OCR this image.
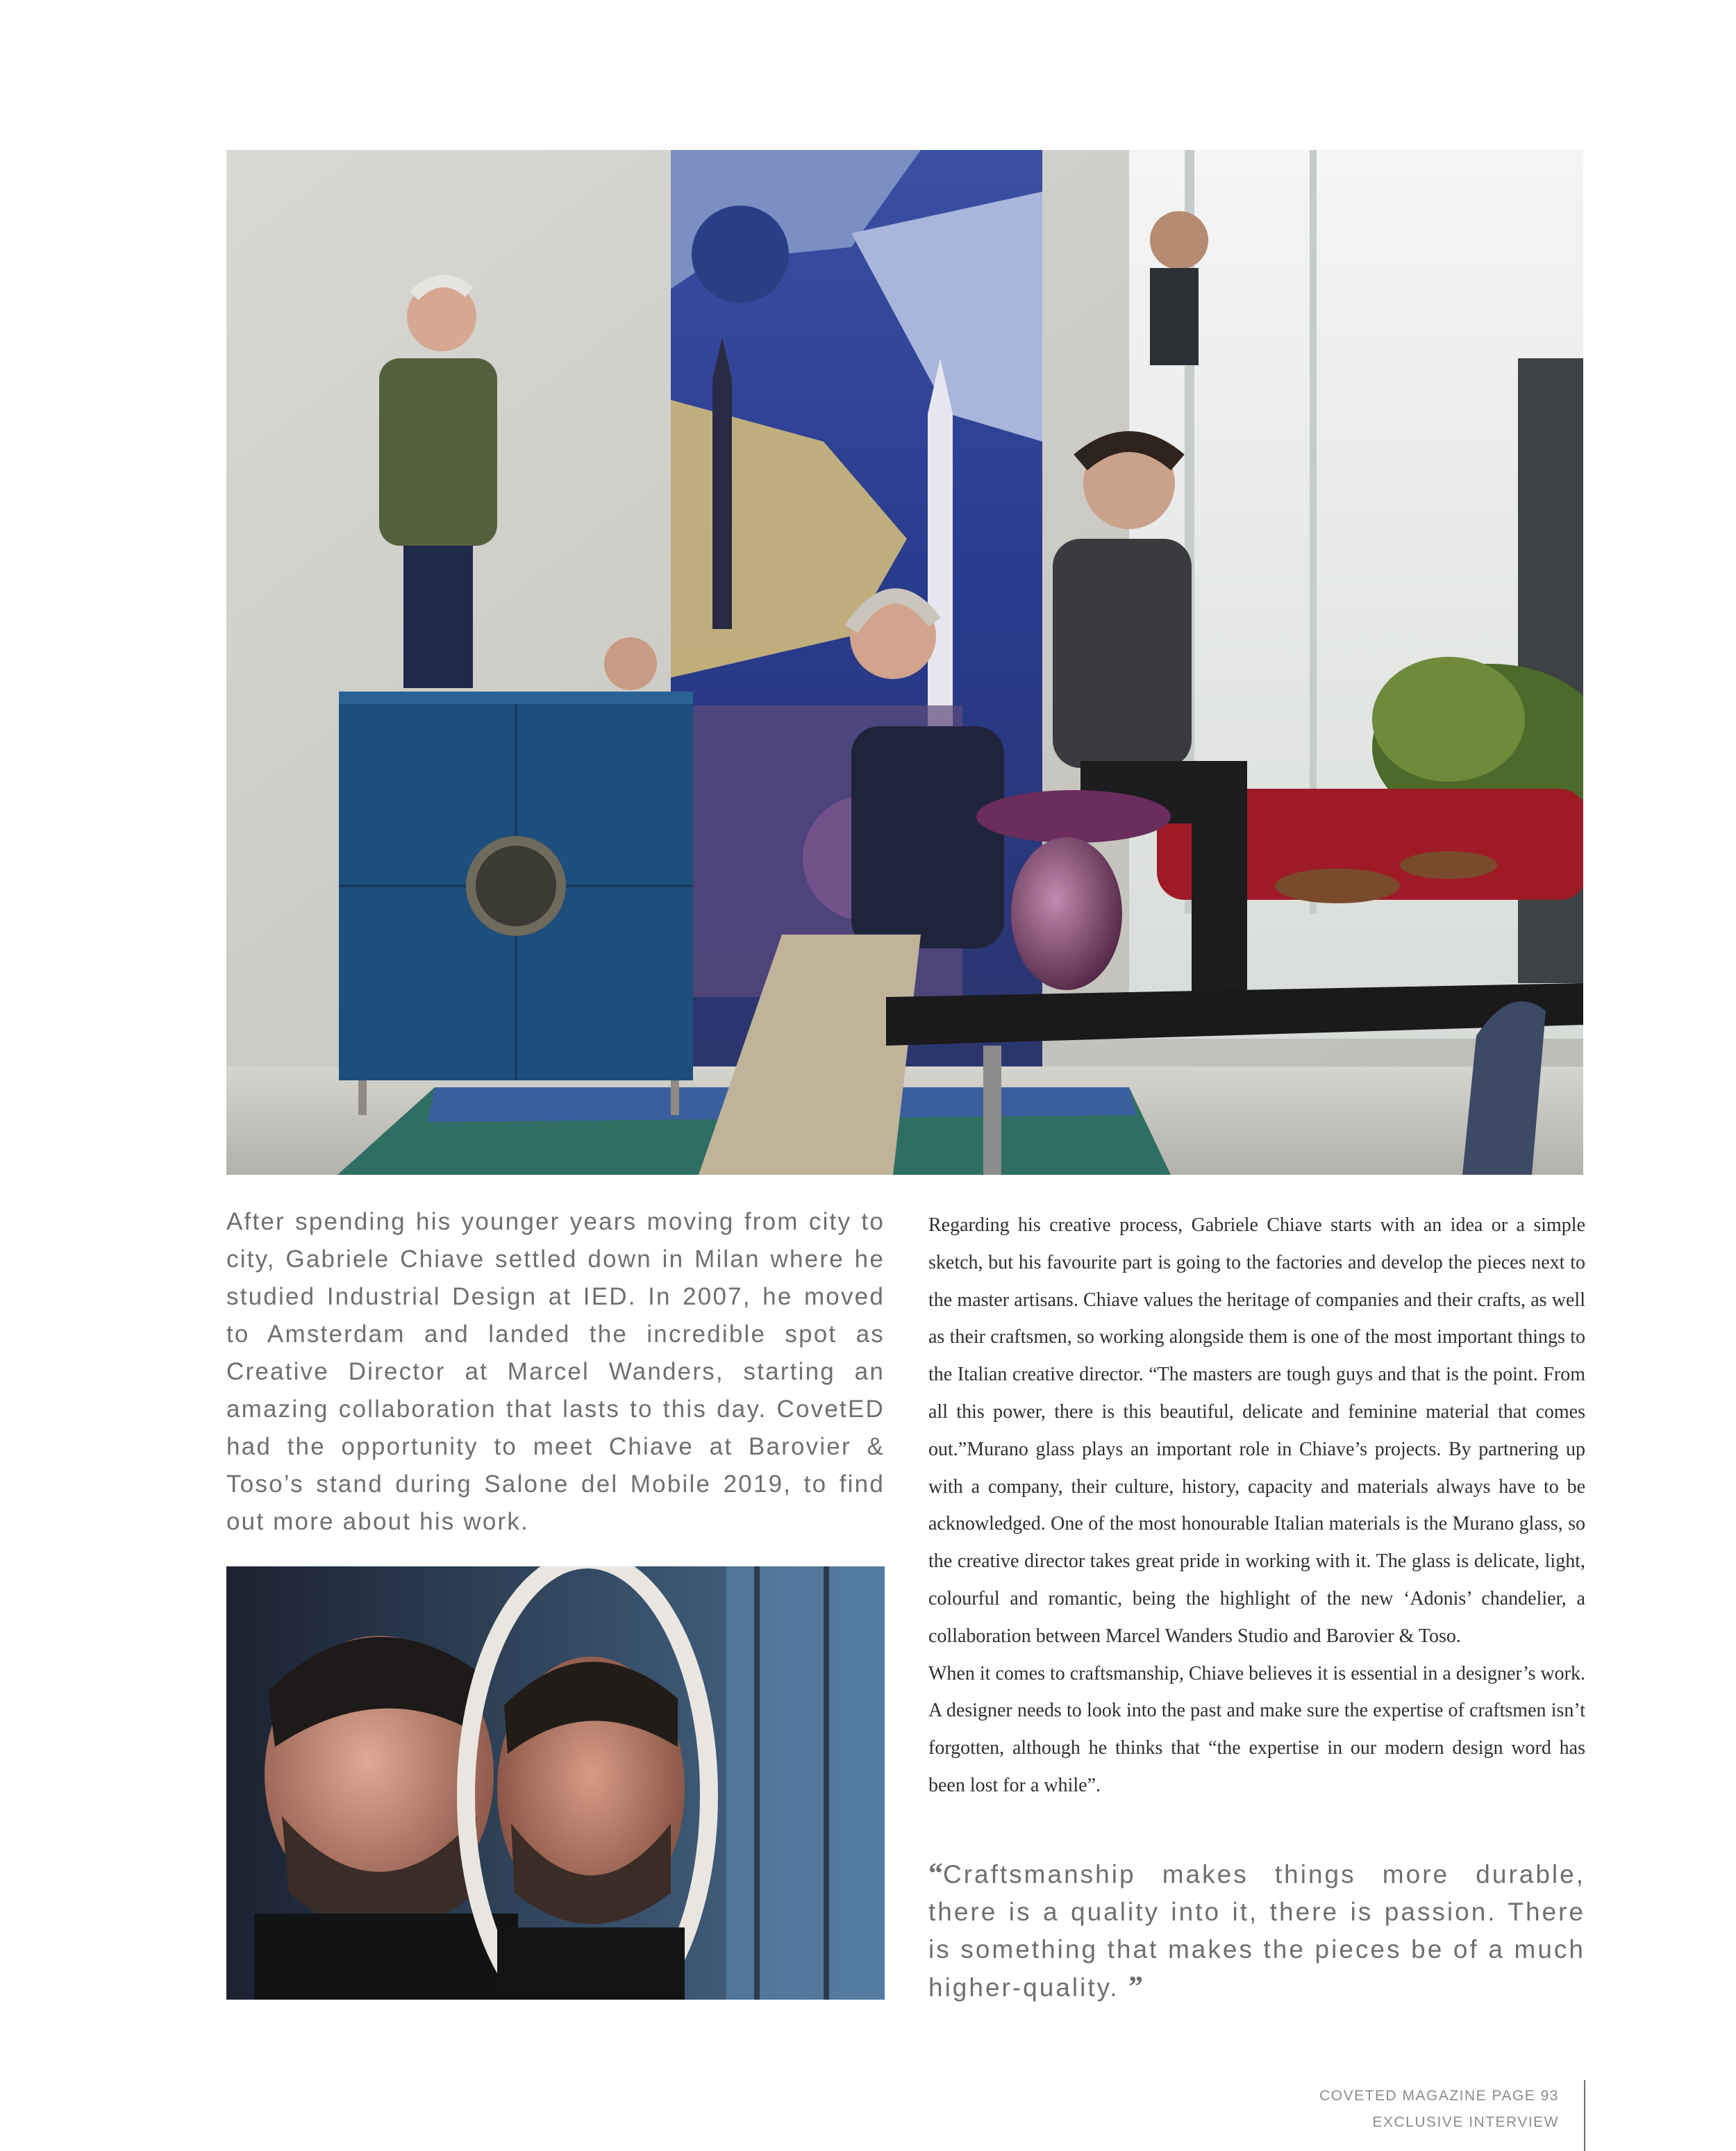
After spending his younger years moving from city to city, Gabriele Chiave settled down in Milan where he studied Industrial Design at IED. In 2007, he moved to Amsterdam and landed the incredible spot as Creative Director at Marcel Wanders, starting an amazing collaboration that lasts to this day. CovetED had the opportunity to meet Chiave at Barovier & Toso’s stand during Salone del Mobile 2019, to find out more about his work.

Regarding his creative process, Gabriele Chiave starts with an idea or a simple sketch, but his favourite part is going to the factories and develop the pieces next to the master artisans. Chiave values the heritage of companies and their crafts, as well as their craftsmen, so working alongside them is one of the most important things to the Italian creative director. “The masters are tough guys and that is the point. From all this power, there is this beautiful, delicate and feminine material that comes out.”Murano glass plays an important role in Chiave’s projects. By partnering up with a company, their culture, history, capacity and materials always have to be acknowledged. One of the most honourable Italian materials is the Murano glass, so the creative director takes great pride in working with it. The glass is delicate, light, colourful and romantic, being the highlight of the new ‘Adonis’ chandelier, a collaboration between Marcel Wanders Studio and Barovier & Toso.

When it comes to craftsmanship, Chiave believes it is essential in a designer’s work. A designer needs to look into the past and make sure the expertise of craftsmen isn’t forgotten, although he thinks that “the expertise in our modern design word has been lost for a while”.

“Craftsmanship makes things more durable, there is a quality into it, there is passion. There is something that makes the pieces be of a much higher-quality. ”

COVETED MAGAZINE PAGE 93
EXCLUSIVE INTERVIEW
